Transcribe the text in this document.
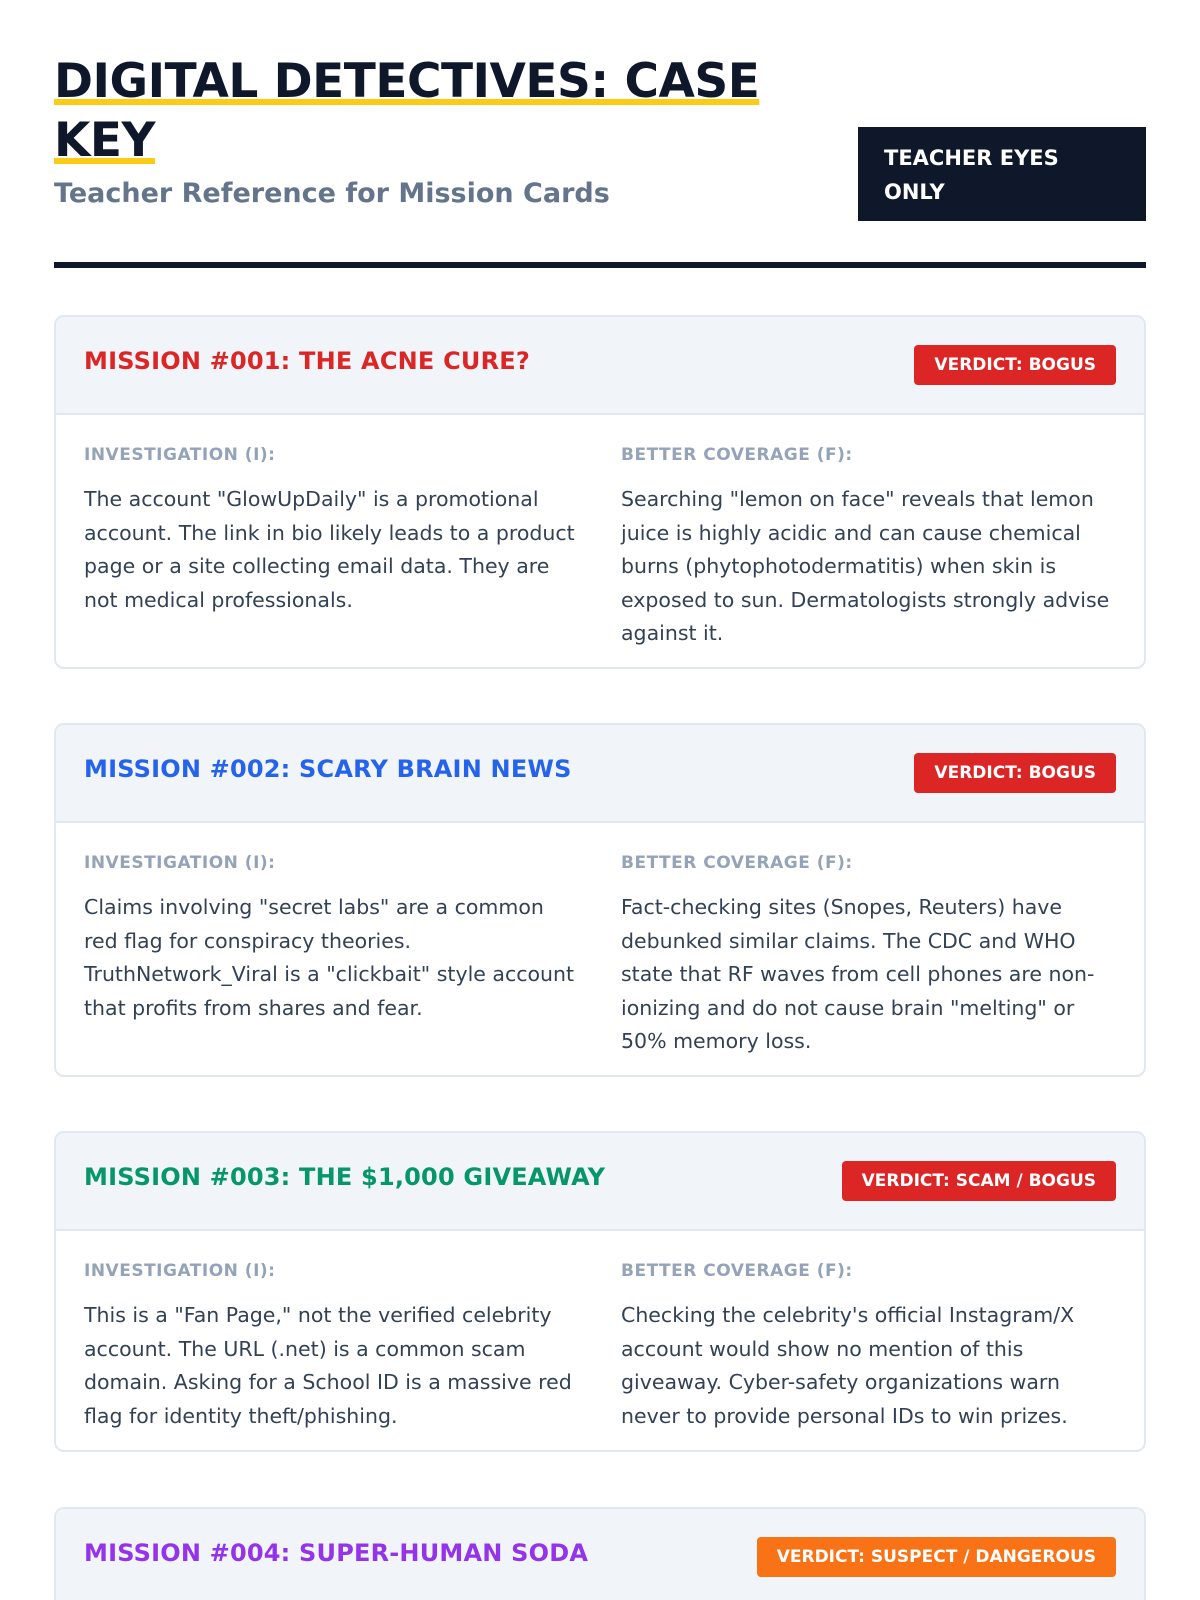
DIGITAL DETECTIVES: CASE KEY
Teacher Reference for Mission Cards
TEACHER EYES ONLY
MISSION #001: THE ACNE CURE?	VERDICT: BOGUS
INVESTIGATION (I):
The account "GlowUpDaily" is a promotional account. The link in bio likely leads to a product page or a site collecting email data. They are not medical professionals.
BETTER COVERAGE (F):
Searching "lemon on face" reveals that lemon juice is highly acidic and can cause chemical burns (phytophotodermatitis) when skin is exposed to sun. Dermatologists strongly advise against it.
MISSION #002: SCARY BRAIN NEWS	VERDICT: BOGUS
INVESTIGATION (I):
Claims involving "secret labs" are a common red flag for conspiracy theories. TruthNetwork_Viral is a "clickbait" style account that profits from shares and fear.
BETTER COVERAGE (F):
Fact-checking sites (Snopes, Reuters) have debunked similar claims. The CDC and WHO state that RF waves from cell phones are non-ionizing and do not cause brain "melting" or 50% memory loss.
MISSION #003: THE $1,000 GIVEAWAY	VERDICT: SCAM / BOGUS
INVESTIGATION (I):
This is a "Fan Page," not the verified celebrity account. The URL (.net) is a common scam domain. Asking for a School ID is a massive red flag for identity theft/phishing.
BETTER COVERAGE (F):
Checking the celebrity's official Instagram/X account would show no mention of this giveaway. Cyber-safety organizations warn never to provide personal IDs to win prizes.
MISSION #004: SUPER-HUMAN SODA	VERDICT: SUSPECT / DANGEROUS
